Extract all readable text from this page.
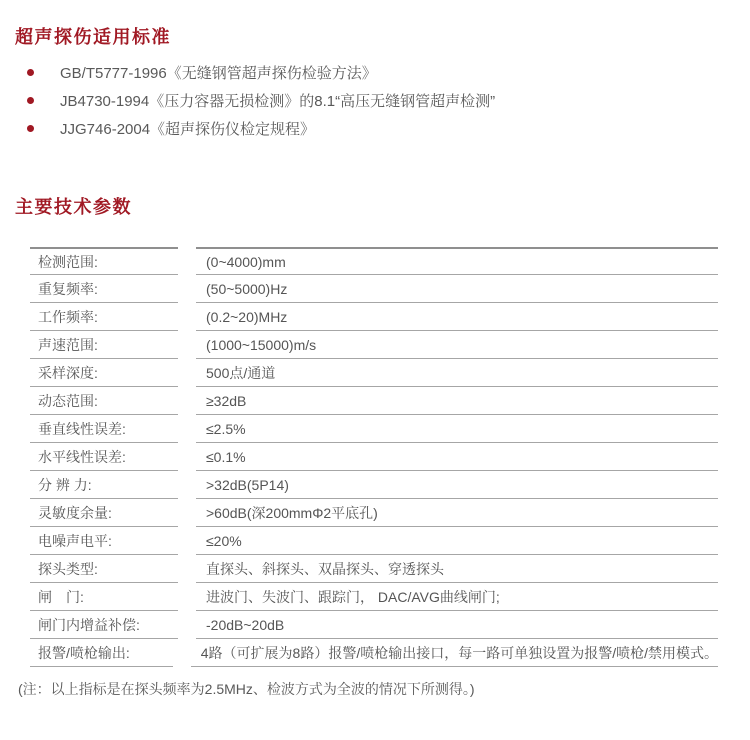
超声探伤适用标准
GB/T5777-1996《无缝钢管超声探伤检验方法》
JB4730-1994《压力容器无损检测》的8.1“高压无缝钢管超声检测”
JJG746-2004《超声探伤仪检定规程》
主要技术参数
检测范围:	(0~4000)mm
重复频率:	(50~5000)Hz
工作频率:	(0.2~20)MHz
声速范围:	(1000~15000)m/s
采样深度:	500点/通道
动态范围:	≥32dB
垂直线性误差:	≤2.5%
水平线性误差:	≤0.1%
分 辨 力:	>32dB(5P14)
灵敏度余量:	>60dB(深200mmΦ2平底孔)
电噪声电平:	≤20%
探头类型:	直探头、斜探头、双晶探头、穿透探头
闸　门:	进波门、失波门、跟踪门， DAC/AVG曲线闸门;
闸门内增益补偿:	-20dB~20dB
报警/喷枪输出:	4路（可扩展为8路）报警/喷枪输出接口，每一路可单独设置为报警/喷枪/禁用模式。

(注：以上指标是在探头频率为2.5MHz、检波方式为全波的情况下所测得。)
